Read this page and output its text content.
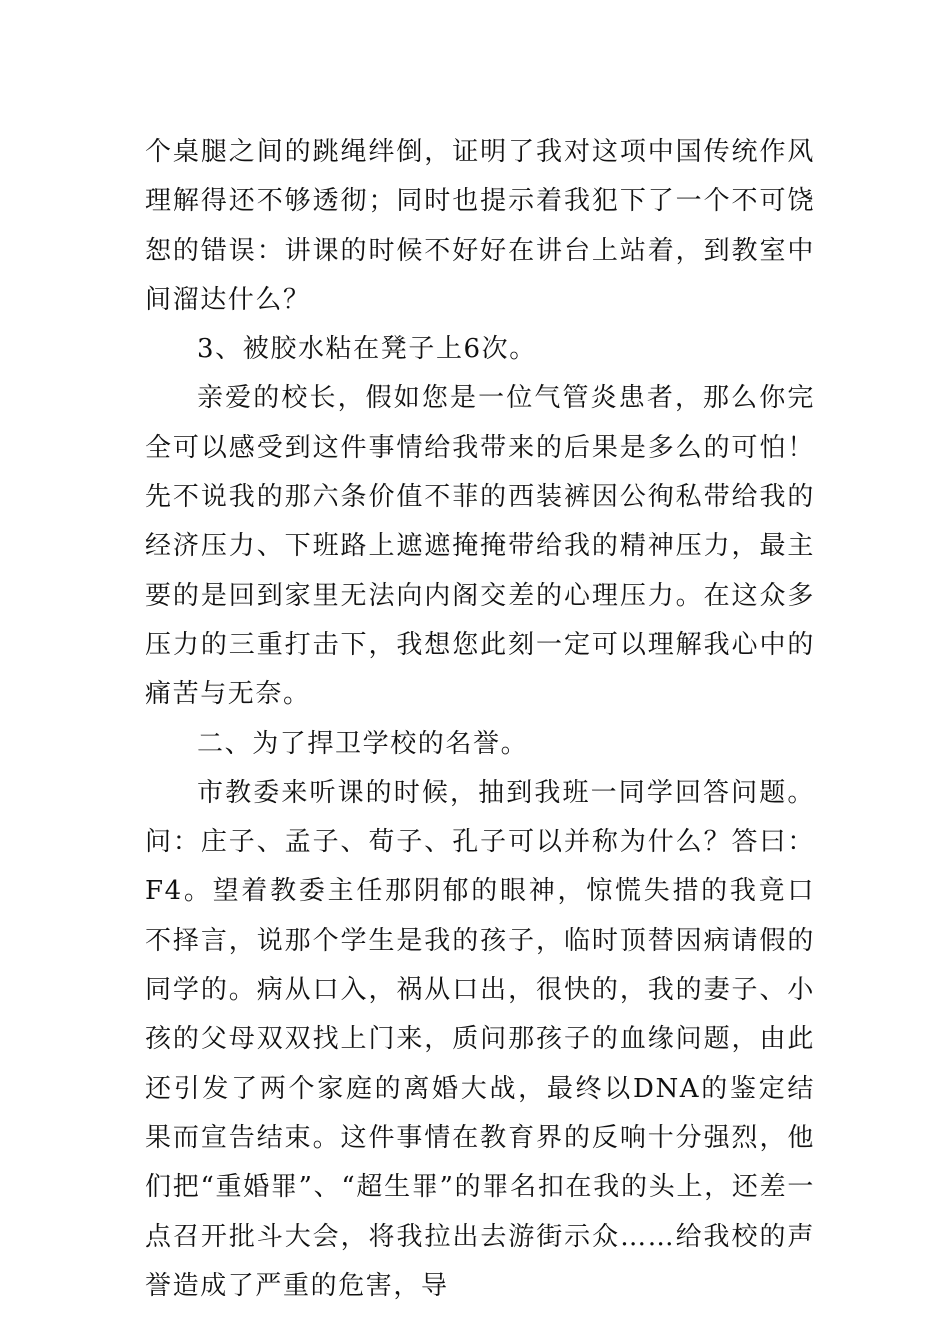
个桌腿之间的跳绳绊倒，证明了我对这项中国传统作风理解得还不够透彻；同时也提示着我犯下了一个不可饶恕的错误：讲课的时候不好好在讲台上站着，到教室中间溜达什么？

3、被胶水粘在凳子上6次。

亲爱的校长，假如您是一位气管炎患者，那么你完全可以感受到这件事情给我带来的后果是多么的可怕！先不说我的那六条价值不菲的西装裤因公徇私带给我的经济压力、下班路上遮遮掩掩带给我的精神压力，最主要的是回到家里无法向内阁交差的心理压力。在这众多压力的三重打击下，我想您此刻一定可以理解我心中的痛苦与无奈。

二、为了捍卫学校的名誉。

市教委来听课的时候，抽到我班一同学回答问题。问：庄子、孟子、荀子、孔子可以并称为什么？答曰：F4。望着教委主任那阴郁的眼神，惊慌失措的我竟口不择言，说那个学生是我的孩子，临时顶替因病请假的同学的。病从口入，祸从口出，很快的，我的妻子、小孩的父母双双找上门来，质问那孩子的血缘问题，由此还引发了两个家庭的离婚大战，最终以DNA的鉴定结果而宣告结束。这件事情在教育界的反响十分强烈，他们把“重婚罪”、“超生罪”的罪名扣在我的头上，还差一点召开批斗大会，将我拉出去游街示众……给我校的声誉造成了严重的危害，导
